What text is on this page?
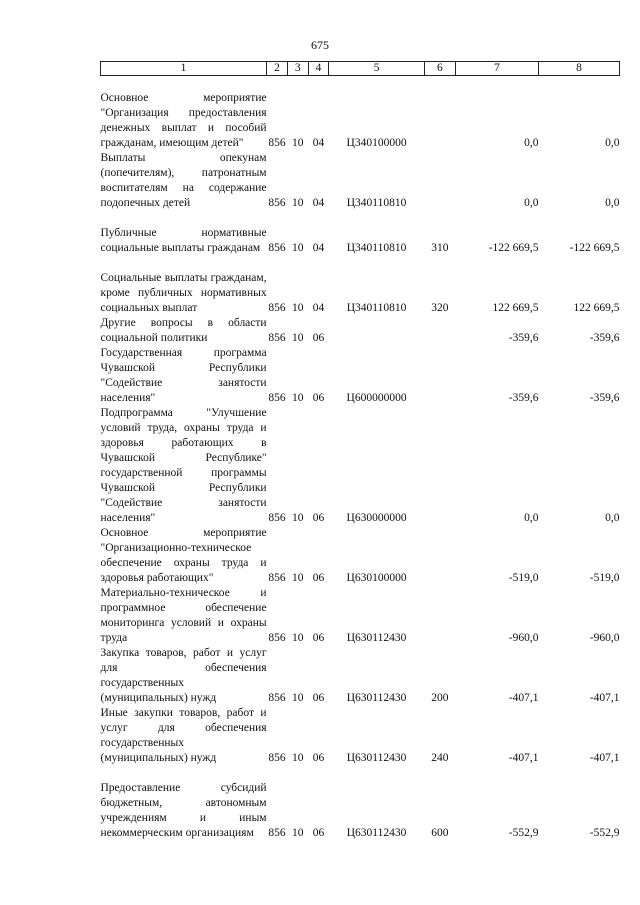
675
1	2	3	4	5	6	7	8
Основное мероприятие "Организация предоставления денежных выплат и пособий гражданам, имеющим детей"	856	10	04	Ц340100000		0,0	0,0
Выплаты опекунам (попечителям), патронатным воспитателям на содержание подопечных детей	856	10	04	Ц340110810		0,0	0,0
Публичные нормативные социальные выплаты гражданам	856	10	04	Ц340110810	310	-122 669,5	-122 669,5
Социальные выплаты гражданам, кроме публичных нормативных социальных выплат	856	10	04	Ц340110810	320	122 669,5	122 669,5
Другие вопросы в области социальной политики	856	10	06			-359,6	-359,6
Государственная программа Чувашской Республики "Содействие занятости населения"	856	10	06	Ц600000000		-359,6	-359,6
Подпрограмма "Улучшение условий труда, охраны труда и здоровья работающих в Чувашской Республике" государственной программы Чувашской Республики "Содействие занятости населения"	856	10	06	Ц630000000		0,0	0,0
Основное мероприятие "Организационно-техническое обеспечение охраны труда и здоровья работающих"	856	10	06	Ц630100000		-519,0	-519,0
Материально-техническое и программное обеспечение мониторинга условий и охраны труда	856	10	06	Ц630112430		-960,0	-960,0
Закупка товаров, работ и услуг для обеспечения государственных (муниципальных) нужд	856	10	06	Ц630112430	200	-407,1	-407,1
Иные закупки товаров, работ и услуг для обеспечения государственных (муниципальных) нужд	856	10	06	Ц630112430	240	-407,1	-407,1
Предоставление субсидий бюджетным, автономным учреждениям и иным некоммерческим организациям	856	10	06	Ц630112430	600	-552,9	-552,9
